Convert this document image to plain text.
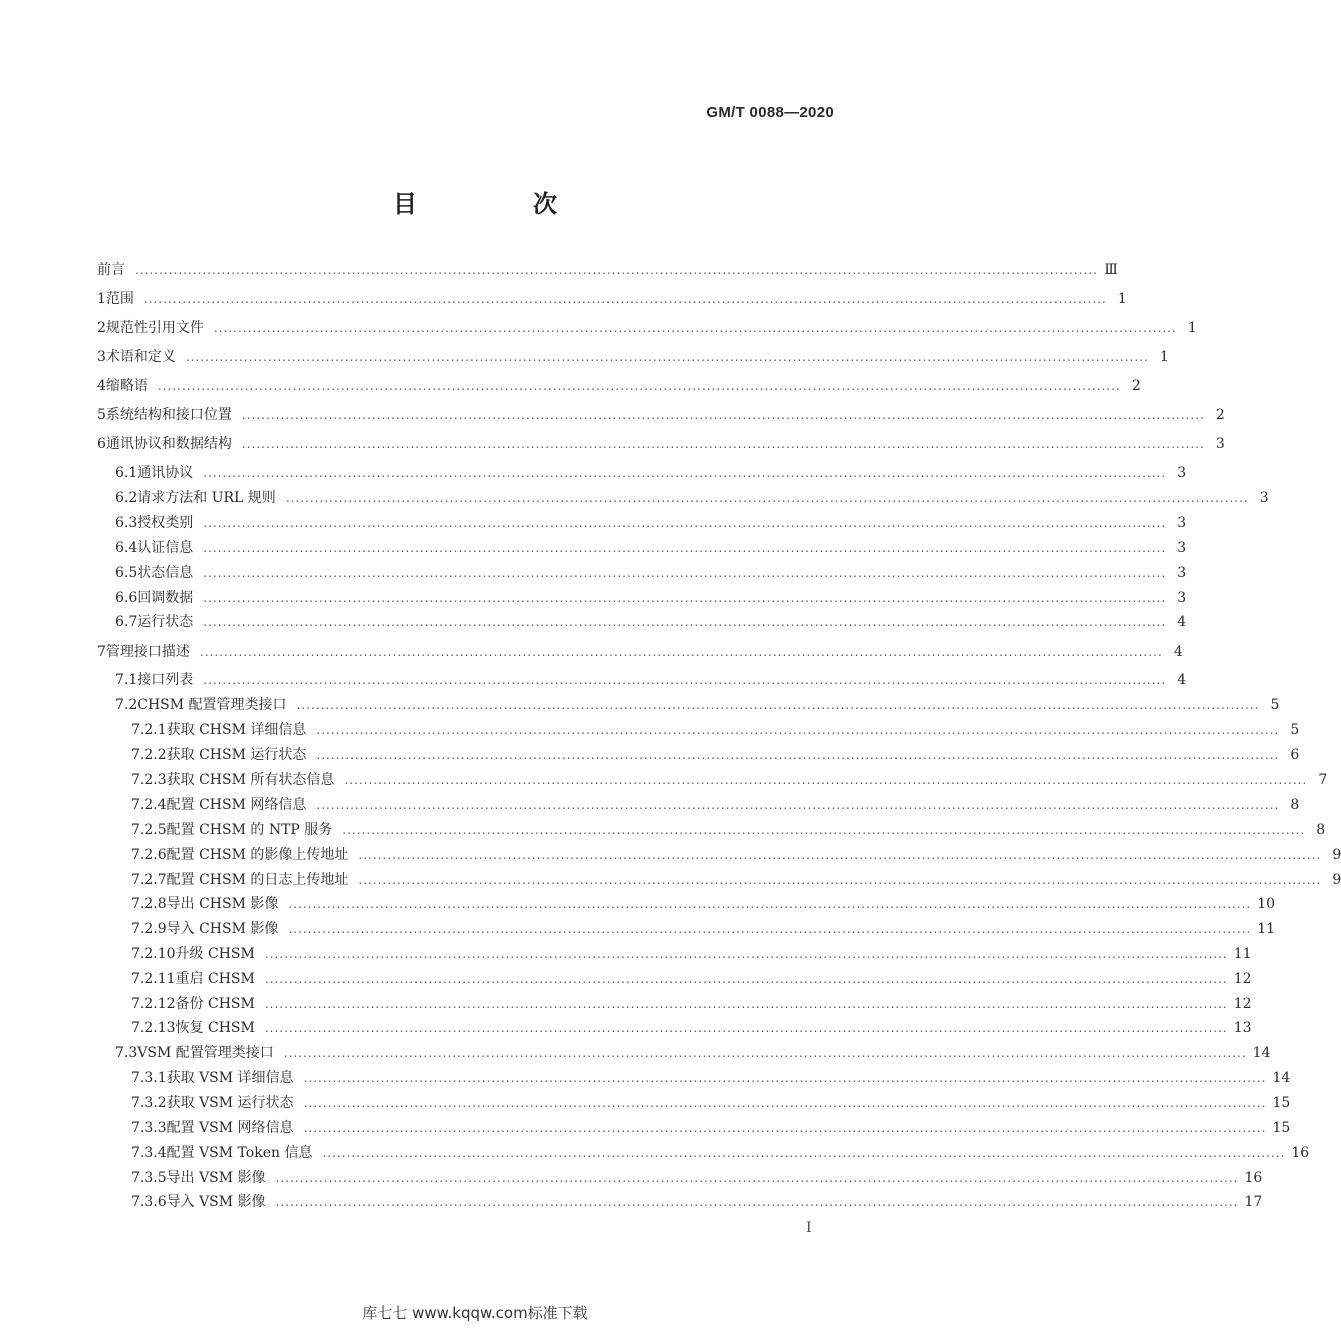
GM/T 0088—2020
目　次
前言 ........................................................................................................................................................................................................ Ⅲ
1 范围 ........................................................................................................................................................................................................ 1
2 规范性引用文件 ........................................................................................................................................................................................................ 1
3 术语和定义 ........................................................................................................................................................................................................ 1
4 缩略语 ........................................................................................................................................................................................................ 2
5 系统结构和接口位置 ........................................................................................................................................................................................................ 2
6 通讯协议和数据结构 ........................................................................................................................................................................................................ 3
6.1 通讯协议 ........................................................................................................................................................................................................ 3
6.2 请求方法和 URL 规则 ........................................................................................................................................................................................................ 3
6.3 授权类别 ........................................................................................................................................................................................................ 3
6.4 认证信息 ........................................................................................................................................................................................................ 3
6.5 状态信息 ........................................................................................................................................................................................................ 3
6.6 回调数据 ........................................................................................................................................................................................................ 3
6.7 运行状态 ........................................................................................................................................................................................................ 4
7 管理接口描述 ........................................................................................................................................................................................................ 4
7.1 接口列表 ........................................................................................................................................................................................................ 4
7.2 CHSM 配置管理类接口 ........................................................................................................................................................................................................ 5
7.2.1 获取 CHSM 详细信息 ........................................................................................................................................................................................................ 5
7.2.2 获取 CHSM 运行状态 ........................................................................................................................................................................................................ 6
7.2.3 获取 CHSM 所有状态信息 ........................................................................................................................................................................................................ 7
7.2.4 配置 CHSM 网络信息 ........................................................................................................................................................................................................ 8
7.2.5 配置 CHSM 的 NTP 服务 ........................................................................................................................................................................................................ 8
7.2.6 配置 CHSM 的影像上传地址 ........................................................................................................................................................................................................ 9
7.2.7 配置 CHSM 的日志上传地址 ........................................................................................................................................................................................................ 9
7.2.8 导出 CHSM 影像 ........................................................................................................................................................................................................ 10
7.2.9 导入 CHSM 影像 ........................................................................................................................................................................................................ 11
7.2.10 升级 CHSM ........................................................................................................................................................................................................ 11
7.2.11 重启 CHSM ........................................................................................................................................................................................................ 12
7.2.12 备份 CHSM ........................................................................................................................................................................................................ 12
7.2.13 恢复 CHSM ........................................................................................................................................................................................................ 13
7.3 VSM 配置管理类接口 ........................................................................................................................................................................................................ 14
7.3.1 获取 VSM 详细信息 ........................................................................................................................................................................................................ 14
7.3.2 获取 VSM 运行状态 ........................................................................................................................................................................................................ 15
7.3.3 配置 VSM 网络信息 ........................................................................................................................................................................................................ 15
7.3.4 配置 VSM Token 信息 ........................................................................................................................................................................................................ 16
7.3.5 导出 VSM 影像 ........................................................................................................................................................................................................ 16
7.3.6 导入 VSM 影像 ........................................................................................................................................................................................................ 17
I
库七七 www.kqqw.com标准下载
